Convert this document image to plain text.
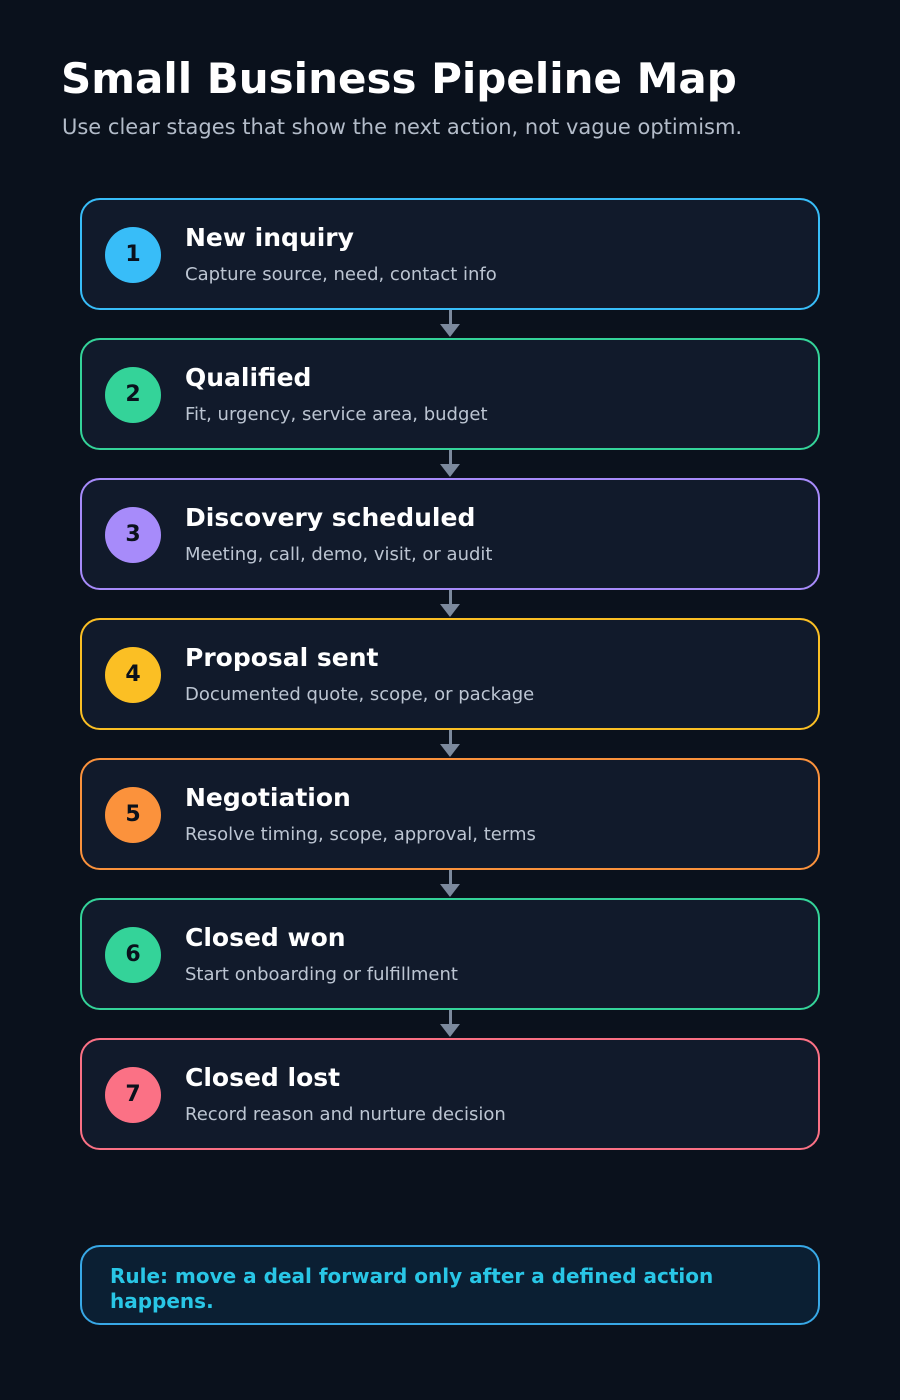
Small Business Pipeline Map

Use clear stages that show the next action, not vague optimism.

1
New inquiry
Capture source, need, contact info
2
Qualified
Fit, urgency, service area, budget
3
Discovery scheduled
Meeting, call, demo, visit, or audit
4
Proposal sent
Documented quote, scope, or package
5
Negotiation
Resolve timing, scope, approval, terms
6
Closed won
Start onboarding or fulfillment
7
Closed lost
Record reason and nurture decision
Rule: move a deal forward only after a defined action happens.
